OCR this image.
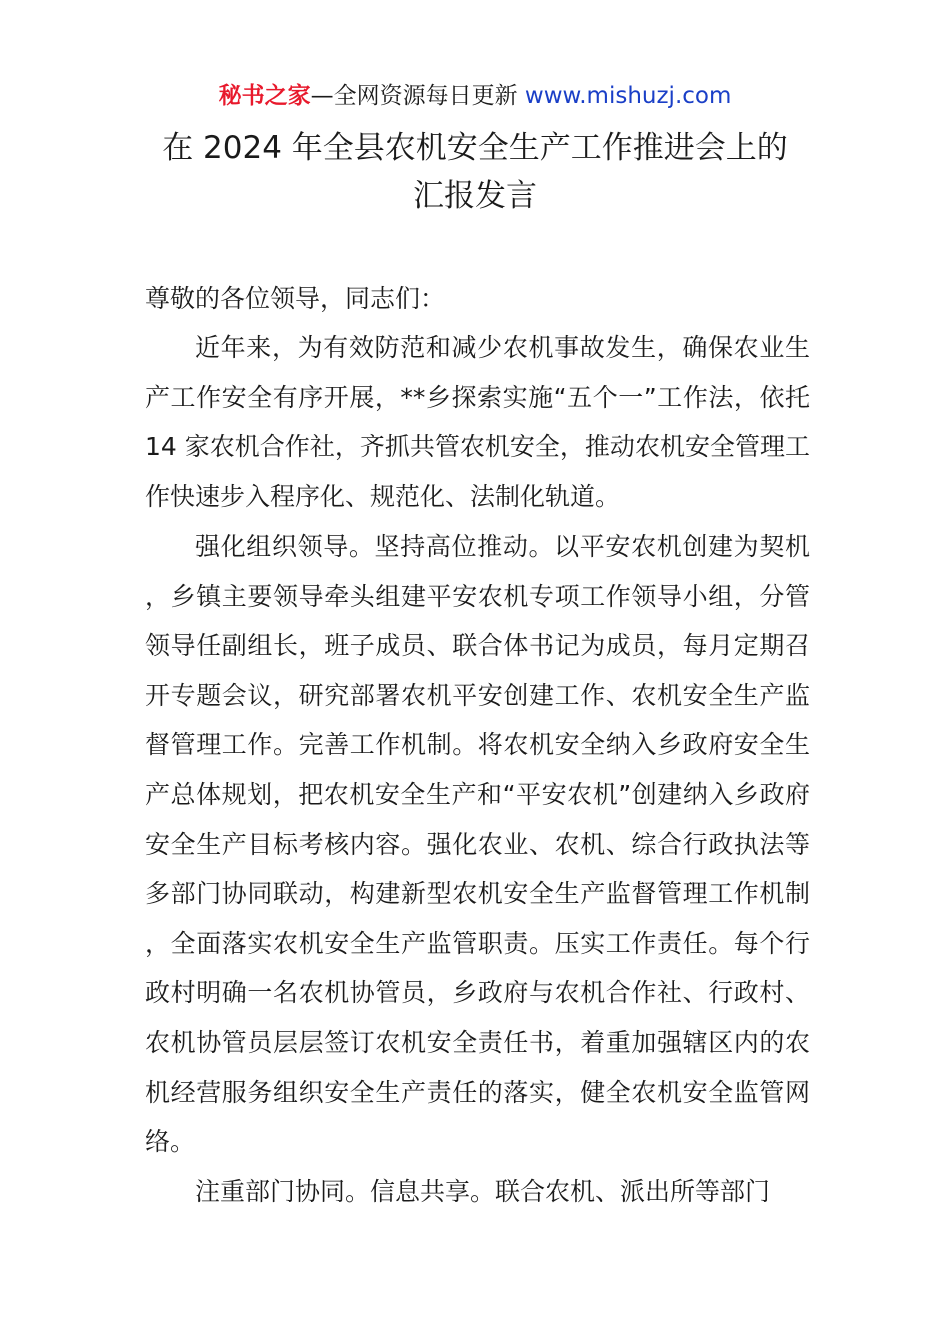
秘书之家—全网资源每日更新 www.mishuzj.com
在 2024 年全县农机安全生产工作推进会上的
汇报发言
尊敬的各位领导，同志们：

近年来，为有效防范和减少农机事故发生，确保农业生产工作安全有序开展，**乡探索实施“五个一”工作法，依托 14 家农机合作社，齐抓共管农机安全，推动农机安全管理工作快速步入程序化、规范化、法制化轨道。

强化组织领导。坚持高位推动。以平安农机创建为契机，乡镇主要领导牵头组建平安农机专项工作领导小组，分管领导任副组长，班子成员、联合体书记为成员，每月定期召开专题会议，研究部署农机平安创建工作、农机安全生产监督管理工作。完善工作机制。将农机安全纳入乡政府安全生产总体规划，把农机安全生产和“平安农机”创建纳入乡政府安全生产目标考核内容。强化农业、农机、综合行政执法等多部门协同联动，构建新型农机安全生产监督管理工作机制，全面落实农机安全生产监管职责。压实工作责任。每个行政村明确一名农机协管员，乡政府与农机合作社、行政村、农机协管员层层签订农机安全责任书，着重加强辖区内的农机经营服务组织安全生产责任的落实，健全农机安全监管网络。

注重部门协同。信息共享。联合农机、派出所等部门
